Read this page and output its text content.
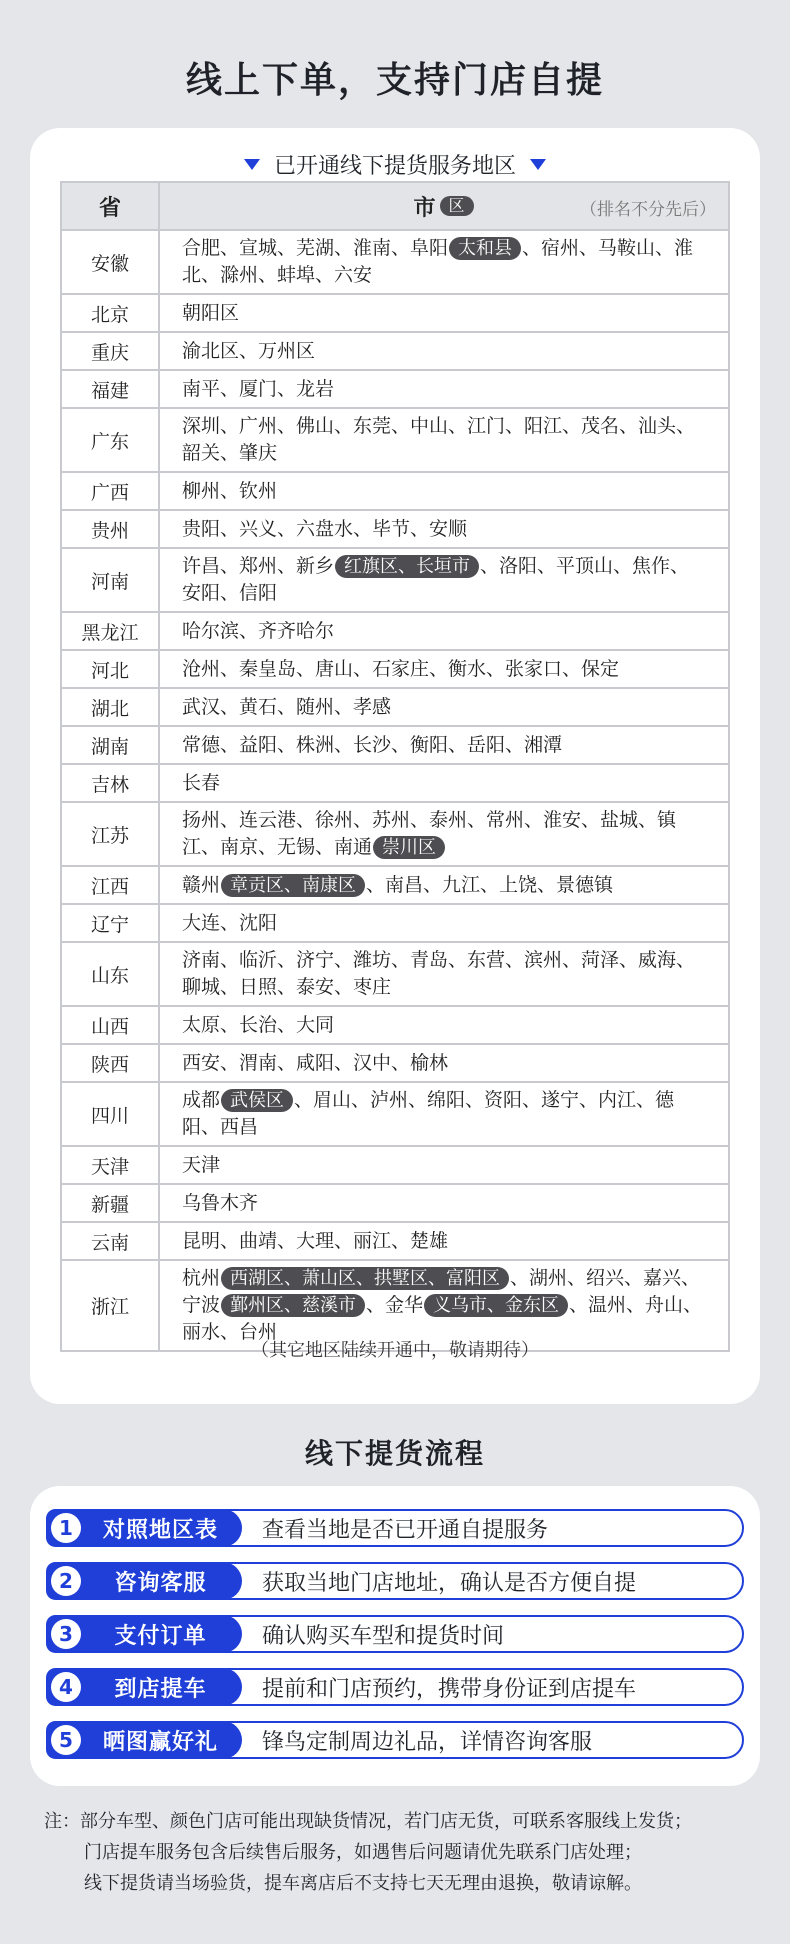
线上下单，支持门店自提
已开通线下提货服务地区
省	市 区 （排名不分先后）

安徽	合肥、宣城、芜湖、淮南、阜阳 太和县 、宿州、马鞍山、淮北、滁州、蚌埠、六安
北京	朝阳区
重庆	渝北区、万州区
福建	南平、厦门、龙岩
广东	深圳、广州、佛山、东莞、中山、江门、阳江、茂名、汕头、韶关、肇庆
广西	柳州、钦州
贵州	贵阳、兴义、六盘水、毕节、安顺
河南	许昌、郑州、新乡 红旗区、长垣市 、洛阳、平顶山、焦作、安阳、信阳
黑龙江	哈尔滨、齐齐哈尔
河北	沧州、秦皇岛、唐山、石家庄、衡水、张家口、保定
湖北	武汉、黄石、随州、孝感
湖南	常德、益阳、株洲、长沙、衡阳、岳阳、湘潭
吉林	长春
江苏	扬州、连云港、徐州、苏州、泰州、常州、淮安、盐城、镇江、南京、无锡、南通 崇川区
江西	赣州 章贡区、南康区 、南昌、九江、上饶、景德镇
辽宁	大连、沈阳
山东	济南、临沂、济宁、潍坊、青岛、东营、滨州、菏泽、威海、聊城、日照、泰安、枣庄
山西	太原、长治、大同
陕西	西安、渭南、咸阳、汉中、榆林
四川	成都 武侯区 、眉山、泸州、绵阳、资阳、遂宁、内江、德阳、西昌
天津	天津
新疆	乌鲁木齐
云南	昆明、曲靖、大理、丽江、楚雄
浙江	杭州 西湖区、萧山区、拱墅区、富阳区 、湖州、绍兴、嘉兴、宁波 鄞州区、慈溪市 、金华 义乌市、金东区 、温州、舟山、丽水、台州
（其它地区陆续开通中，敬请期待）
线下提货流程
1	对照地区表	查看当地是否已开通自提服务
2	咨询客服	获取当地门店地址，确认是否方便自提
3	支付订单	确认购买车型和提货时间
4	到店提车	提前和门店预约，携带身份证到店提车
5	晒图赢好礼	锋鸟定制周边礼品，详情咨询客服
注：部分车型、颜色门店可能出现缺货情况，若门店无货，可联系客服线上发货；
门店提车服务包含后续售后服务，如遇售后问题请优先联系门店处理；
线下提货请当场验货，提车离店后不支持七天无理由退换，敬请谅解。
